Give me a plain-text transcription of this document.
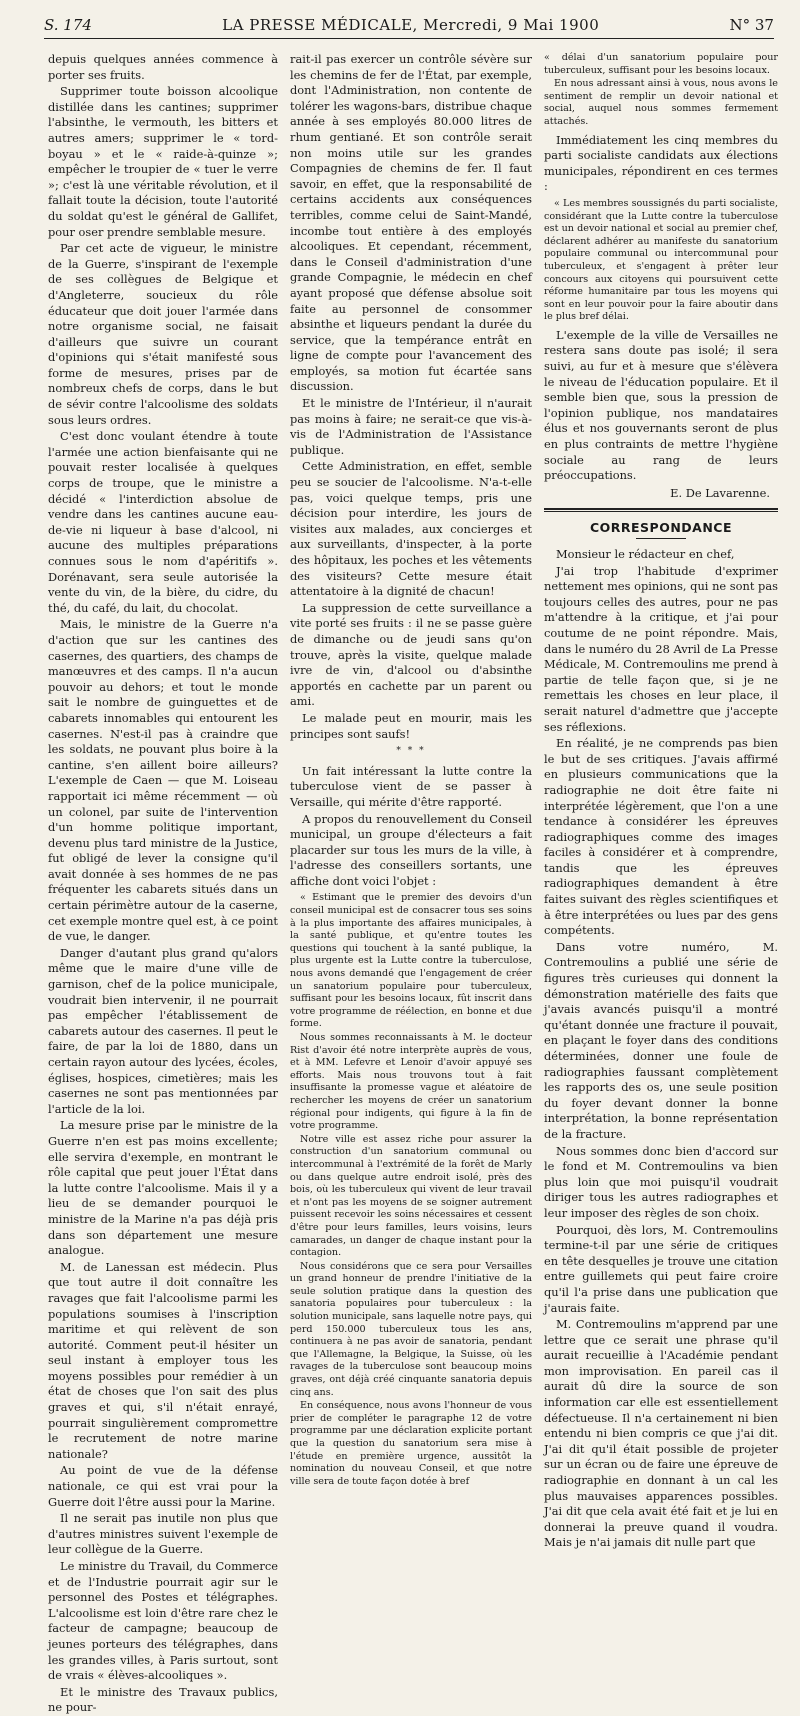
S. 174	LA PRESSE MÉDICALE, Mercredi, 9 Mai 1900	N° 37

depuis quelques années commence à porter ses fruits.

Supprimer toute boisson alcoolique distillée dans les cantines; supprimer l'absinthe, le vermouth, les bitters et autres amers; supprimer le « tord-boyau » et le « raide-à-quinze »; empêcher le troupier de « tuer le verre »; c'est là une véritable révolution, et il fallait toute la décision, toute l'autorité du soldat qu'est le général de Gallifet, pour oser prendre semblable mesure.

Par cet acte de vigueur, le ministre de la Guerre, s'inspirant de l'exemple de ses collègues de Belgique et d'Angleterre, soucieux du rôle éducateur que doit jouer l'armée dans notre organisme social, ne faisait d'ailleurs que suivre un courant d'opinions qui s'était manifesté sous forme de mesures, prises par de nombreux chefs de corps, dans le but de sévir contre l'alcoolisme des soldats sous leurs ordres.

C'est donc voulant étendre à toute l'armée une action bienfaisante qui ne pouvait rester localisée à quelques corps de troupe, que le ministre a décidé « l'interdiction absolue de vendre dans les cantines aucune eau-de-vie ni liqueur à base d'alcool, ni aucune des multiples préparations connues sous le nom d'apéritifs ». Dorénavant, sera seule autorisée la vente du vin, de la bière, du cidre, du thé, du café, du lait, du chocolat.

Mais, le ministre de la Guerre n'a d'action que sur les cantines des casernes, des quartiers, des champs de manœuvres et des camps. Il n'a aucun pouvoir au dehors; et tout le monde sait le nombre de guinguettes et de cabarets innomables qui entourent les casernes. N'est-il pas à craindre que les soldats, ne pouvant plus boire à la cantine, s'en aillent boire ailleurs? L'exemple de Caen — que M. Loiseau rapportait ici même récemment — où un colonel, par suite de l'intervention d'un homme politique important, devenu plus tard ministre de la Justice, fut obligé de lever la consigne qu'il avait donnée à ses hommes de ne pas fréquenter les cabarets situés dans un certain périmètre autour de la caserne, cet exemple montre quel est, à ce point de vue, le danger.

Danger d'autant plus grand qu'alors même que le maire d'une ville de garnison, chef de la police municipale, voudrait bien intervenir, il ne pourrait pas empêcher l'établissement de cabarets autour des casernes. Il peut le faire, de par la loi de 1880, dans un certain rayon autour des lycées, écoles, églises, hospices, cimetières; mais les casernes ne sont pas mentionnées par l'article de la loi.

La mesure prise par le ministre de la Guerre n'en est pas moins excellente; elle servira d'exemple, en montrant le rôle capital que peut jouer l'État dans la lutte contre l'alcoolisme. Mais il y a lieu de se demander pourquoi le ministre de la Marine n'a pas déjà pris dans son département une mesure analogue.

M. de Lanessan est médecin. Plus que tout autre il doit connaître les ravages que fait l'alcoolisme parmi les populations soumises à l'inscription maritime et qui relèvent de son autorité. Comment peut-il hésiter un seul instant à employer tous les moyens possibles pour remédier à un état de choses que l'on sait des plus graves et qui, s'il n'était enrayé, pourrait singulièrement compromettre le recrutement de notre marine nationale?

Au point de vue de la défense nationale, ce qui est vrai pour la Guerre doit l'être aussi pour la Marine.

Il ne serait pas inutile non plus que d'autres ministres suivent l'exemple de leur collègue de la Guerre.

Le ministre du Travail, du Commerce et de l'Industrie pourrait agir sur le personnel des Postes et télégraphes. L'alcoolisme est loin d'être rare chez le facteur de campagne; beaucoup de jeunes porteurs des télégraphes, dans les grandes villes, à Paris surtout, sont de vrais « élèves-alcooliques ».

Et le ministre des Travaux publics, ne pour-

rait-il pas exercer un contrôle sévère sur les chemins de fer de l'État, par exemple, dont l'Administration, non contente de tolérer les wagons-bars, distribue chaque année à ses employés 80.000 litres de rhum gentiané. Et son contrôle serait non moins utile sur les grandes Compagnies de chemins de fer. Il faut savoir, en effet, que la responsabilité de certains accidents aux conséquences terribles, comme celui de Saint-Mandé, incombe tout entière à des employés alcooliques. Et cependant, récemment, dans le Conseil d'administration d'une grande Compagnie, le médecin en chef ayant proposé que défense absolue soit faite au personnel de consommer absinthe et liqueurs pendant la durée du service, que la tempérance entrât en ligne de compte pour l'avancement des employés, sa motion fut écartée sans discussion.

Et le ministre de l'Intérieur, il n'aurait pas moins à faire; ne serait-ce que vis-à-vis de l'Administration de l'Assistance publique.

Cette Administration, en effet, semble peu se soucier de l'alcoolisme. N'a-t-elle pas, voici quelque temps, pris une décision pour interdire, les jours de visites aux malades, aux concierges et aux surveillants, d'inspecter, à la porte des hôpitaux, les poches et les vêtements des visiteurs? Cette mesure était attentatoire à la dignité de chacun!

La suppression de cette surveillance a vite porté ses fruits : il ne se passe guère de dimanche ou de jeudi sans qu'on trouve, après la visite, quelque malade ivre de vin, d'alcool ou d'absinthe apportés en cachette par un parent ou ami.

Le malade peut en mourir, mais les principes sont saufs!

* * *

Un fait intéressant la lutte contre la tuberculose vient de se passer à Versaille, qui mérite d'être rapporté.

A propos du renouvellement du Conseil municipal, un groupe d'électeurs a fait placarder sur tous les murs de la ville, à l'adresse des conseillers sortants, une affiche dont voici l'objet :

« Estimant que le premier des devoirs d'un conseil municipal est de consacrer tous ses soins à la plus importante des affaires municipales, à la santé publique, et qu'entre toutes les questions qui touchent à la santé publique, la plus urgente est la Lutte contre la tuberculose, nous avons demandé que l'engagement de créer un sanatorium populaire pour tuberculeux, suffisant pour les besoins locaux, fût inscrit dans votre programme de réélection, en bonne et due forme.

Nous sommes reconnaissants à M. le docteur Rist d'avoir été notre interprète auprès de vous, et à MM. Lefevre et Lenoir d'avoir appuyé ses efforts. Mais nous trouvons tout à fait insuffisante la promesse vague et aléatoire de rechercher les moyens de créer un sanatorium régional pour indigents, qui figure à la fin de votre programme.

Notre ville est assez riche pour assurer la construction d'un sanatorium communal ou intercommunal à l'extrémité de la forêt de Marly ou dans quelque autre endroit isolé, près des bois, où les tuberculeux qui vivent de leur travail et n'ont pas les moyens de se soigner autrement puissent recevoir les soins nécessaires et cessent d'être pour leurs familles, leurs voisins, leurs camarades, un danger de chaque instant pour la contagion.

Nous considérons que ce sera pour Versailles un grand honneur de prendre l'initiative de la seule solution pratique dans la question des sanatoria populaires pour tuberculeux : la solution municipale, sans laquelle notre pays, qui perd 150.000 tuberculeux tous les ans, continuera à ne pas avoir de sanatoria, pendant que l'Allemagne, la Belgique, la Suisse, où les ravages de la tuberculose sont beaucoup moins graves, ont déjà créé cinquante sanatoria depuis cinq ans.

En conséquence, nous avons l'honneur de vous prier de compléter le paragraphe 12 de votre programme par une déclaration explicite portant que la question du sanatorium sera mise à l'étude en première urgence, aussitôt la nomination du nouveau Conseil, et que notre ville sera de toute façon dotée à bref

« délai d'un sanatorium populaire pour tuberculeux, suffisant pour les besoins locaux.

En nous adressant ainsi à vous, nous avons le sentiment de remplir un devoir national et social, auquel nous sommes fermement attachés.

Immédiatement les cinq membres du parti socialiste candidats aux élections municipales, répondirent en ces termes :

« Les membres soussignés du parti socialiste, considérant que la Lutte contre la tuberculose est un devoir national et social au premier chef, déclarent adhérer au manifeste du sanatorium populaire communal ou intercommunal pour tuberculeux, et s'engagent à prêter leur concours aux citoyens qui poursuivent cette réforme humanitaire par tous les moyens qui sont en leur pouvoir pour la faire aboutir dans le plus bref délai.

L'exemple de la ville de Versailles ne restera sans doute pas isolé; il sera suivi, au fur et à mesure que s'élèvera le niveau de l'éducation populaire. Et il semble bien que, sous la pression de l'opinion publique, nos mandataires élus et nos gouvernants seront de plus en plus contraints de mettre l'hygiène sociale au rang de leurs préoccupations.

E. De Lavarenne.
CORRESPONDANCE

Monsieur le rédacteur en chef,

J'ai trop l'habitude d'exprimer nettement mes opinions, qui ne sont pas toujours celles des autres, pour ne pas m'attendre à la critique, et j'ai pour coutume de ne point répondre. Mais, dans le numéro du 28 Avril de La Presse Médicale, M. Contremoulins me prend à partie de telle façon que, si je ne remettais les choses en leur place, il serait naturel d'admettre que j'accepte ses réflexions.

En réalité, je ne comprends pas bien le but de ses critiques. J'avais affirmé en plusieurs communications que la radiographie ne doit être faite ni interprétée légèrement, que l'on a une tendance à considérer les épreuves radiographiques comme des images faciles à considérer et à comprendre, tandis que les épreuves radiographiques demandent à être faites suivant des règles scientifiques et à être interprétées ou lues par des gens compétents.

Dans votre numéro, M. Contremoulins a publié une série de figures très curieuses qui donnent la démonstration matérielle des faits que j'avais avancés puisqu'il a montré qu'étant donnée une fracture il pouvait, en plaçant le foyer dans des conditions déterminées, donner une foule de radiographies faussant complètement les rapports des os, une seule position du foyer devant donner la bonne interprétation, la bonne représentation de la fracture.

Nous sommes donc bien d'accord sur le fond et M. Contremoulins va bien plus loin que moi puisqu'il voudrait diriger tous les autres radiographes et leur imposer des règles de son choix.

Pourquoi, dès lors, M. Contremoulins termine-t-il par une série de critiques en tête desquelles je trouve une citation entre guillemets qui peut faire croire qu'il l'a prise dans une publication que j'aurais faite.

M. Contremoulins m'apprend par une lettre que ce serait une phrase qu'il aurait recueillie à l'Académie pendant mon improvisation. En pareil cas il aurait dû dire la source de son information car elle est essentiellement défectueuse. Il n'a certainement ni bien entendu ni bien compris ce que j'ai dit. J'ai dit qu'il était possible de projeter sur un écran ou de faire une épreuve de radiographie en donnant à un cal les plus mauvaises apparences possibles. J'ai dit que cela avait été fait et je lui en donnerai la preuve quand il voudra. Mais je n'ai jamais dit nulle part que
